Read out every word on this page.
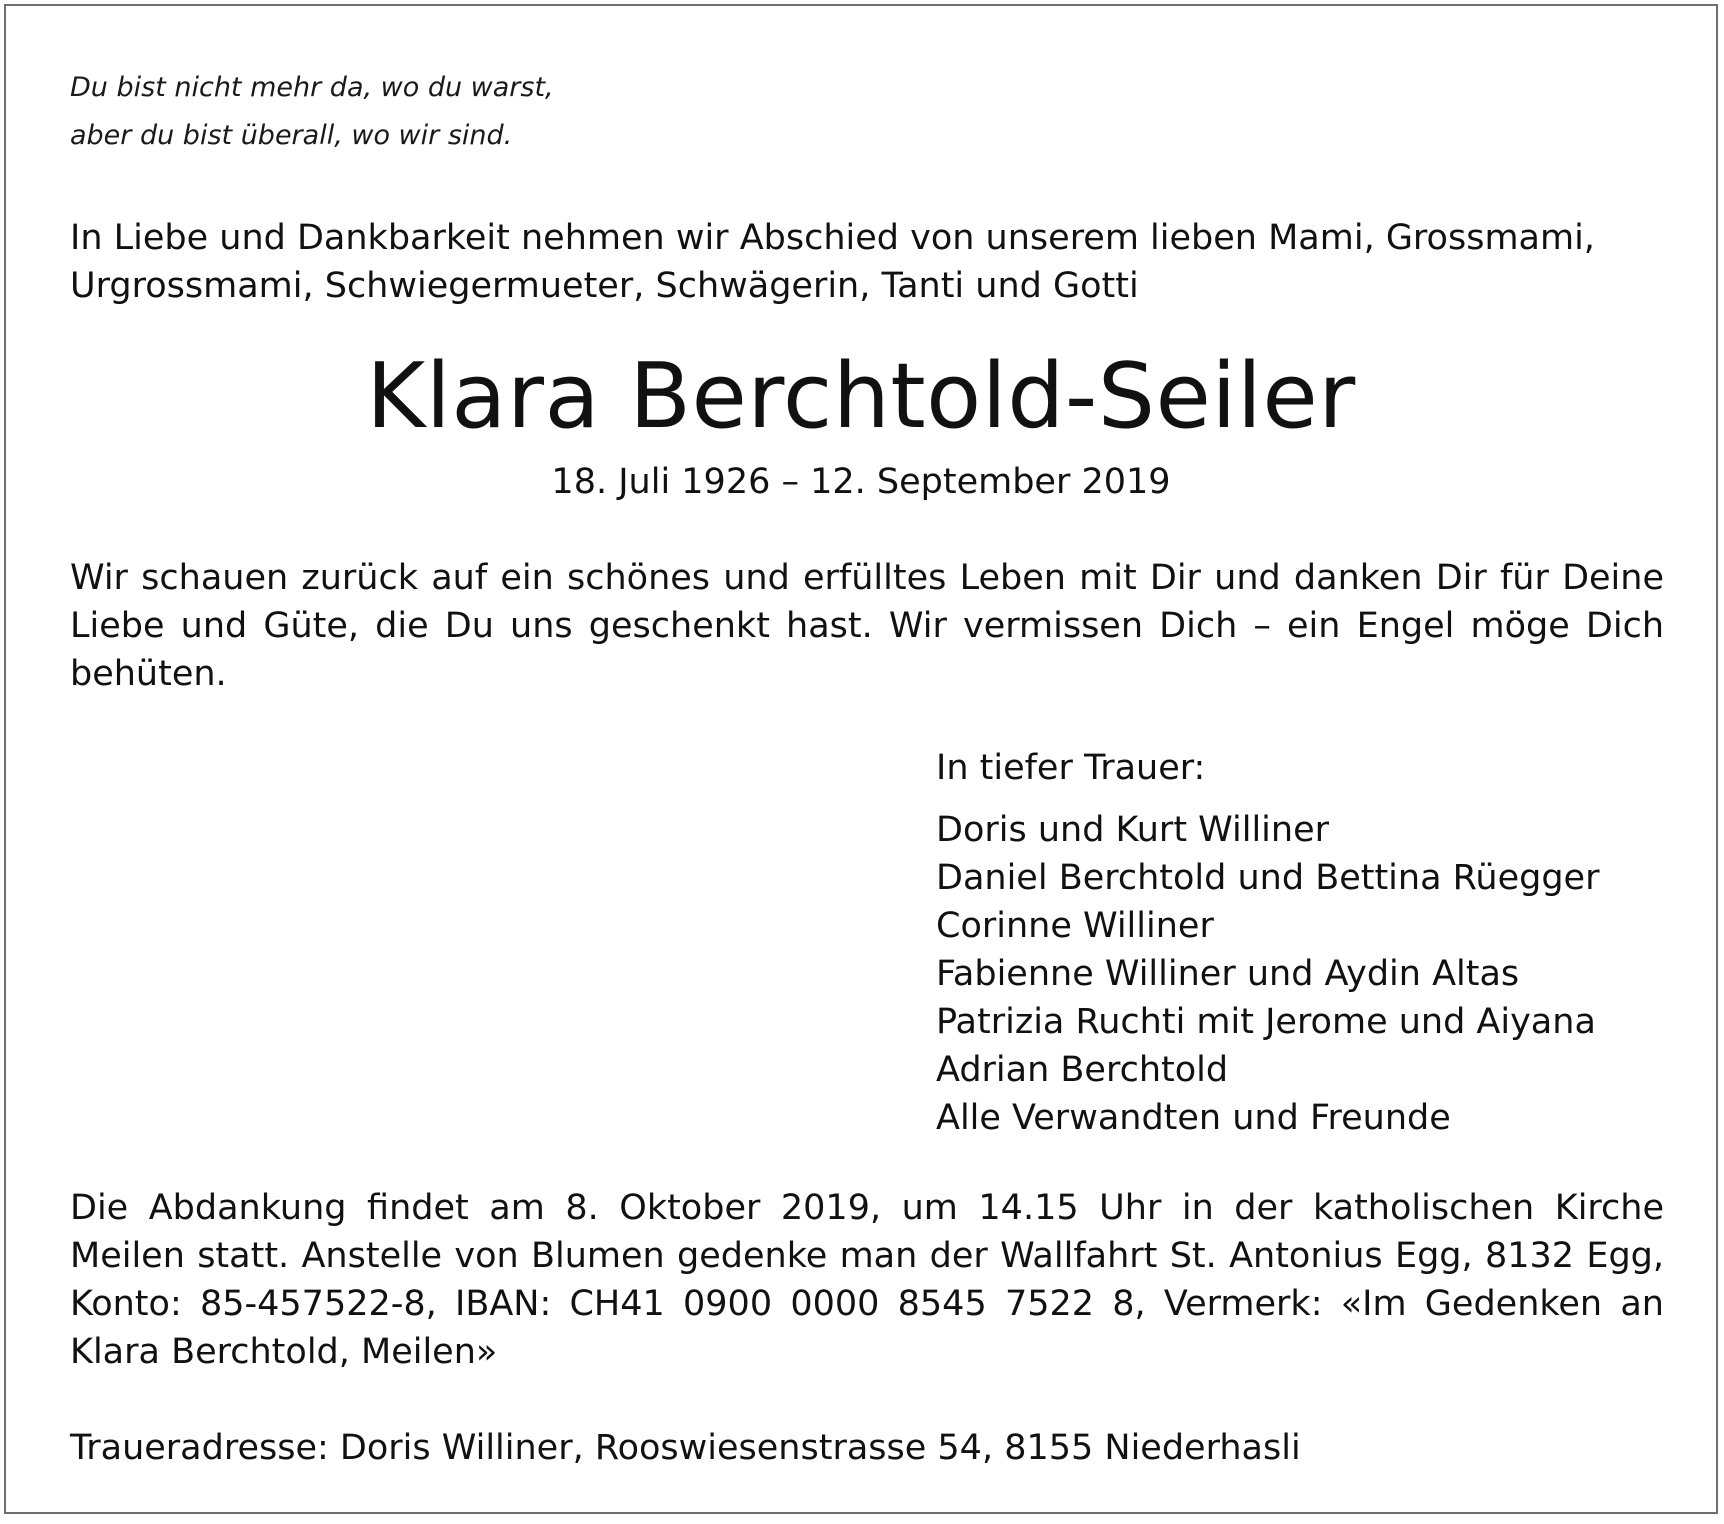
Du bist nicht mehr da, wo du warst,
aber du bist überall, wo wir sind.
In Liebe und Dankbarkeit nehmen wir Abschied von unserem lieben Mami, Grossmami, Urgrossmami, Schwiegermueter, Schwägerin, Tanti und Gotti
Klara Berchtold-Seiler
18. Juli 1926 – 12. September 2019
Wir schauen zurück auf ein schönes und erfülltes Leben mit Dir und danken Dir für Deine Liebe und Güte, die Du uns geschenkt hast. Wir vermissen Dich – ein Engel möge Dich behüten.
In tiefer Trauer:
Doris und Kurt Williner
Daniel Berchtold und Bettina Rüegger
Corinne Williner
Fabienne Williner und Aydin Altas
Patrizia Ruchti mit Jerome und Aiyana
Adrian Berchtold
Alle Verwandten und Freunde
Die Abdankung findet am 8. Oktober 2019, um 14.15 Uhr in der katholischen Kirche Meilen statt. Anstelle von Blumen gedenke man der Wallfahrt St. Antonius Egg, 8132 Egg, Konto: 85-457522-8, IBAN: CH41 0900 0000 8545 7522 8, Vermerk: «Im Gedenken an Klara Berchtold, Meilen»
Traueradresse: Doris Williner, Rooswiesenstrasse 54, 8155 Niederhasli
